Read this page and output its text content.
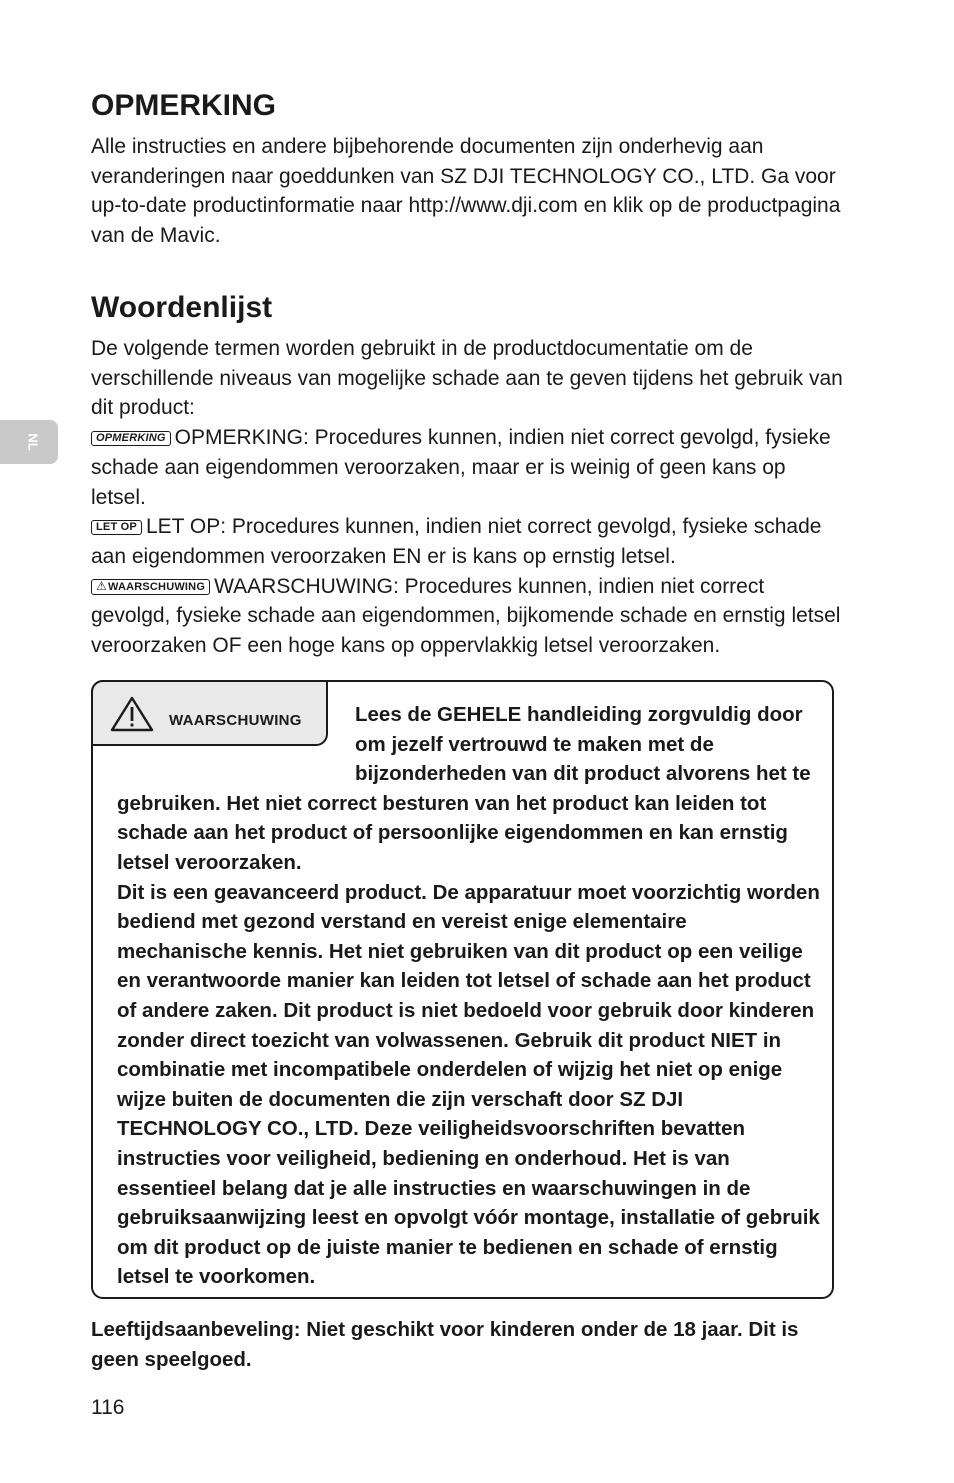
NL
OPMERKING

Alle instructies en andere bijbehorende documenten zijn onderhevig aan veranderingen naar goeddunken van SZ DJI TECHNOLOGY CO., LTD. Ga voor up-to-date productinformatie naar http://www.dji.com en klik op de productpagina van de Mavic.

Woordenlijst
De volgende termen worden gebruikt in de productdocumentatie om de verschillende niveaus van mogelijke schade aan te geven tijdens het gebruik van dit product:
OPMERKING OPMERKING: Procedures kunnen, indien niet correct gevolgd, fysieke schade aan eigendommen veroorzaken, maar er is weinig of geen kans op letsel.
LET OP LET OP: Procedures kunnen, indien niet correct gevolgd, fysieke schade aan eigendommen veroorzaken EN er is kans op ernstig letsel.
⚠WAARSCHUWING WAARSCHUWING: Procedures kunnen, indien niet correct gevolgd, fysieke schade aan eigendommen, bijkomende schade en ernstig letsel veroorzaken OF een hoge kans op oppervlakkig letsel veroorzaken.
WAARSCHUWING	Lees de GEHELE handleiding zorgvuldig door om jezelf vertrouwd te maken met de bijzonderheden van dit product alvorens het te gebruiken. Het niet correct besturen van het product kan leiden tot schade aan het product of persoonlijke eigendommen en kan ernstig letsel veroorzaken.
Dit is een geavanceerd product. De apparatuur moet voorzichtig worden bediend met gezond verstand en vereist enige elementaire mechanische kennis. Het niet gebruiken van dit product op een veilige en verantwoorde manier kan leiden tot letsel of schade aan het product of andere zaken. Dit product is niet bedoeld voor gebruik door kinderen zonder direct toezicht van volwassenen. Gebruik dit product NIET in combinatie met incompatibele onderdelen of wijzig het niet op enige wijze buiten de documenten die zijn verschaft door SZ DJI TECHNOLOGY CO., LTD. Deze veiligheidsvoorschriften bevatten instructies voor veiligheid, bediening en onderhoud. Het is van essentieel belang dat je alle instructies en waarschuwingen in de gebruiksaanwijzing leest en opvolgt vóór montage, installatie of gebruik om dit product op de juiste manier te bedienen en schade of ernstig letsel te voorkomen.

Leeftijdsaanbeveling: Niet geschikt voor kinderen onder de 18 jaar. Dit is geen speelgoed.

116
